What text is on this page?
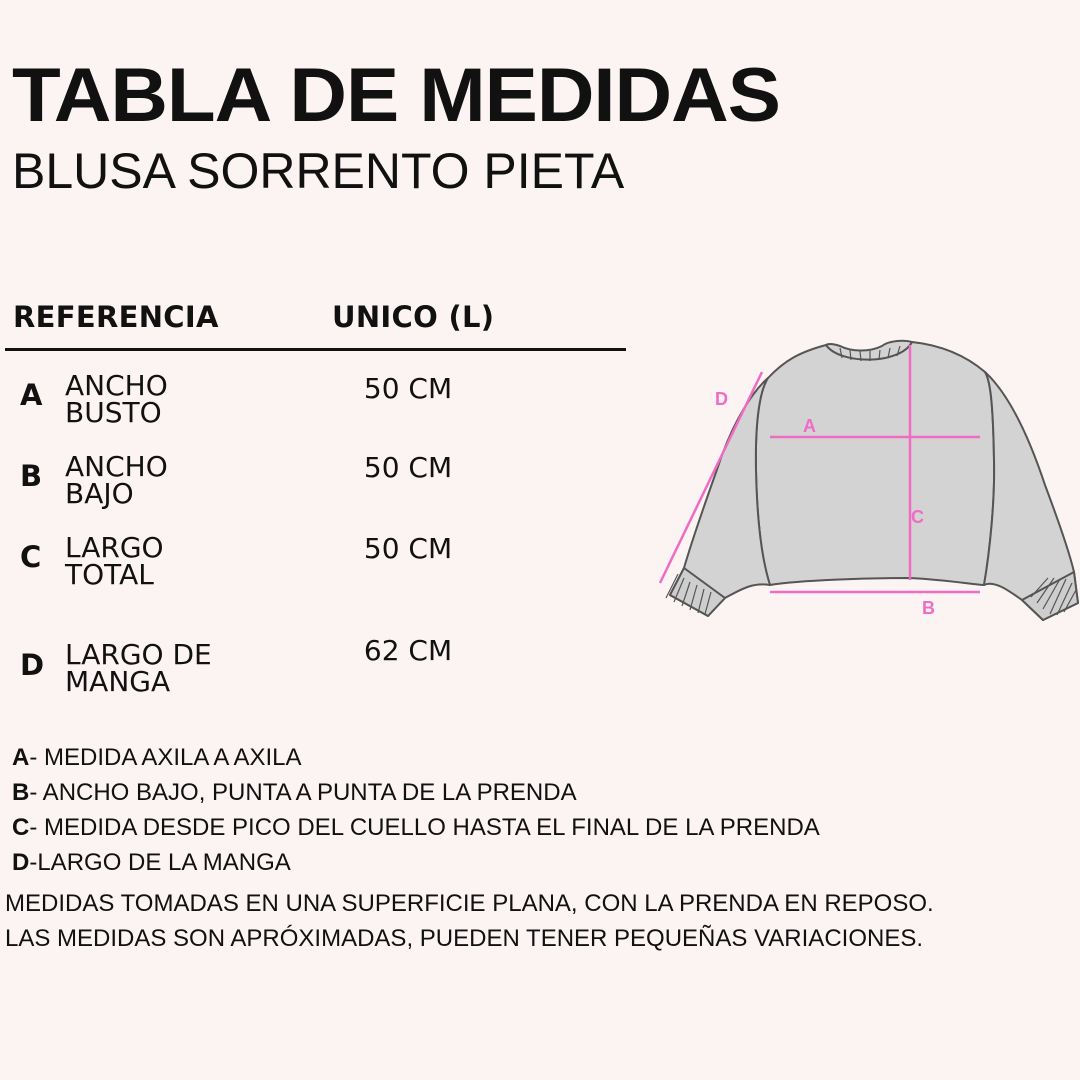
TABLA DE MEDIDAS
BLUSA SORRENTO PIETA
REFERENCIA	UNICO (L)
A ANCHO
BUSTO
50 CM
B ANCHO
BAJO
50 CM
C LARGO
TOTAL
50 CM
D LARGO DE
MANGA
62 CM
A- MEDIDA AXILA A AXILA
B- ANCHO BAJO, PUNTA A PUNTA DE LA PRENDA
C- MEDIDA DESDE PICO DEL CUELLO HASTA EL FINAL DE LA PRENDA
D-LARGO DE LA MANGA
MEDIDAS TOMADAS EN UNA SUPERFICIE PLANA, CON LA PRENDA EN REPOSO.
LAS MEDIDAS SON APRÓXIMADAS, PUEDEN TENER PEQUEÑAS VARIACIONES.
A
B
C
D
